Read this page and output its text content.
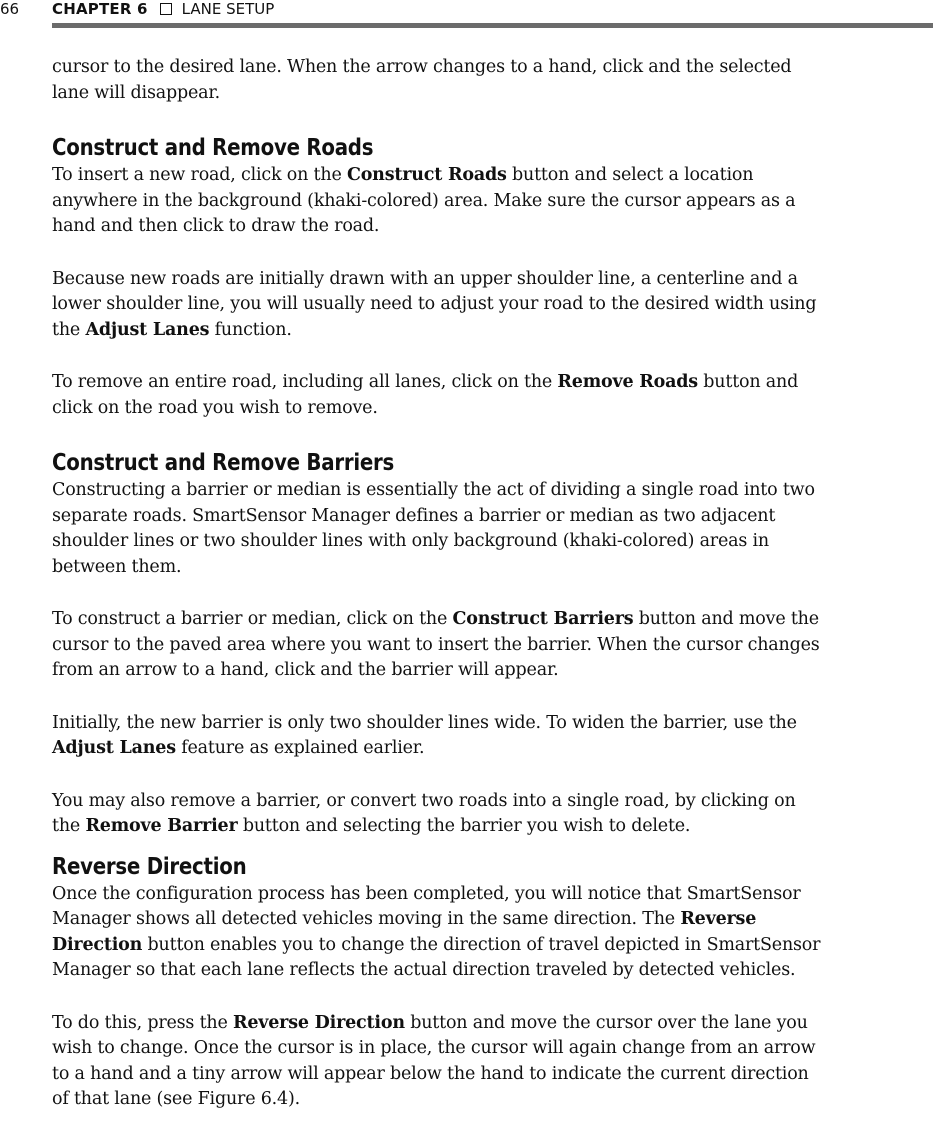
66 CHAPTER 6 LANE SETUP

cursor to the desired lane. When the arrow changes to a hand, click and the selected lane will disappear.

Construct and Remove Roads

To insert a new road, click on the Construct Roads button and select a location anywhere in the background (khaki-colored) area. Make sure the cursor appears as a hand and then click to draw the road.

Because new roads are initially drawn with an upper shoulder line, a centerline and a lower shoulder line, you will usually need to adjust your road to the desired width using the Adjust Lanes function.

To remove an entire road, including all lanes, click on the Remove Roads button and click on the road you wish to remove.

Construct and Remove Barriers

Constructing a barrier or median is essentially the act of dividing a single road into two separate roads. SmartSensor Manager defines a barrier or median as two adjacent shoulder lines or two shoulder lines with only background (khaki-colored) areas in between them.

To construct a barrier or median, click on the Construct Barriers button and move the cursor to the paved area where you want to insert the barrier. When the cursor changes from an arrow to a hand, click and the barrier will appear.

Initially, the new barrier is only two shoulder lines wide. To widen the barrier, use the Adjust Lanes feature as explained earlier.

You may also remove a barrier, or convert two roads into a single road, by clicking on the Remove Barrier button and selecting the barrier you wish to delete.

Reverse Direction

Once the configuration process has been completed, you will notice that SmartSensor Manager shows all detected vehicles moving in the same direction. The Reverse Direction button enables you to change the direction of travel depicted in SmartSensor Manager so that each lane reflects the actual direction traveled by detected vehicles.

To do this, press the Reverse Direction button and move the cursor over the lane you wish to change. Once the cursor is in place, the cursor will again change from an arrow to a hand and a tiny arrow will appear below the hand to indicate the current direction of that lane (see Figure 6.4).
